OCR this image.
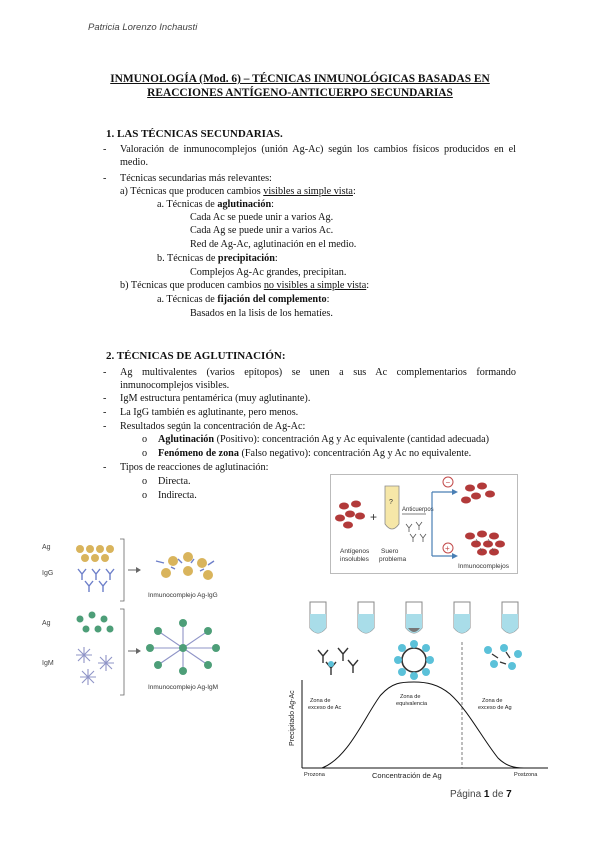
Patricia Lorenzo Inchausti
INMUNOLOGÍA (Mod. 6) – TÉCNICAS INMUNOLÓGICAS BASADAS EN
REACCIONES ANTÍGENO-ANTICUERPO SECUNDARIAS
1. LAS TÉCNICAS SECUNDARIAS.
- Valoración de inmunocomplejos (unión Ag-Ac) según los cambios físicos producidos en el medio.
- Técnicas secundarias más relevantes:
a) Técnicas que producen cambios visibles a simple vista:
a. Técnicas de aglutinación:
Cada Ac se puede unir a varios Ag.
Cada Ag se puede unir a varios Ac.
Red de Ag-Ac, aglutinación en el medio.
b. Técnicas de precipitación:
Complejos Ag-Ac grandes, precipitan.
b) Técnicas que producen cambios no visibles a simple vista:
a. Técnicas de fijación del complemento:
Basados en la lisis de los hematíes.
2. TÉCNICAS DE AGLUTINACIÓN:
- Ag multivalentes (varios epítopos) se unen a sus Ac complementarios formando inmunocomplejos visibles.
- IgM estructura pentamérica (muy aglutinante).
- La IgG también es aglutinante, pero menos.
- Resultados según la concentración de Ag-Ac:
o Aglutinación (Positivo): concentración Ag y Ac equivalente (cantidad adecuada)
o Fenómeno de zona (Falso negativo): concentración Ag y Ac no equivalente.
- Tipos de reacciones de aglutinación:
o Directa.
o Indirecta.
Antígenos
insolubles
+
?
Suero
problema
Anticuerpos
−
+
Inmunocomplejos
Ag
IgG
Inmunocomplejo Ag-IgG
Ag
IgM
Inmunocomplejo Ag-IgM
Precipitado Ag-Ac
Concentración de Ag
Zona de
exceso de Ac
Zona de
equivalencia	Zona de
exceso de Ag
Prozona	Postzona
Página 1 de 7
